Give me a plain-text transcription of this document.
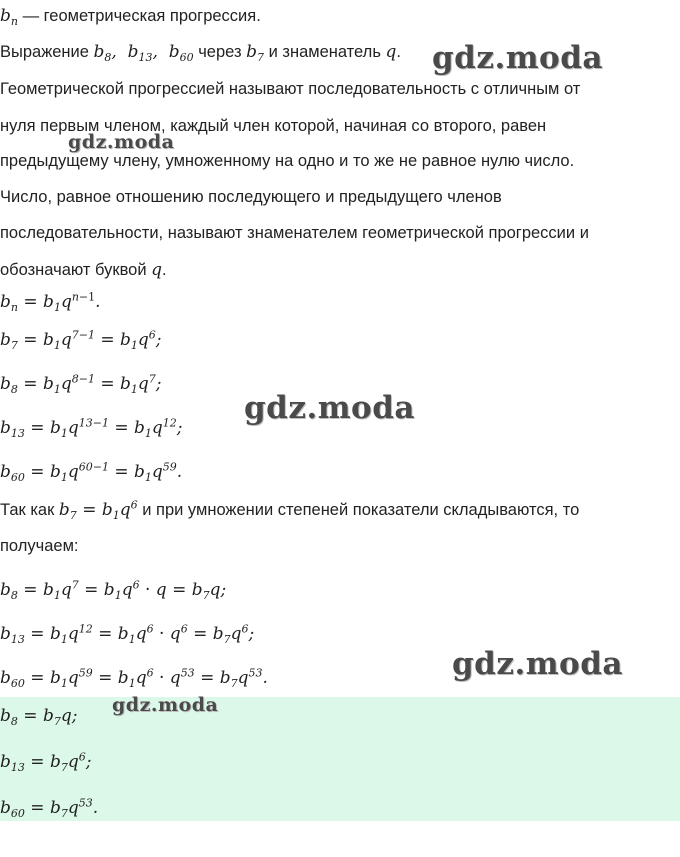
$b_n$ — геометрическая прогрессия.
Выражение $b_8$,  $b_{13}$,  $b_{60}$ через $b_7$ и знаменатель q.
Геометрической прогрессией называют последовательность с отличным от
нуля первым членом, каждый член которой, начиная со второго, равен
предыдущему члену, умноженному на одно и то же не равное нулю число.
Число, равное отношению последующего и предыдущего членов
последовательности, называют знаменателем геометрической прогрессии и
обозначают буквой q.
$b_n = b_1q^{n-1}$.
$b_7 = b_1q^{7-1} = b_1q^6$;
$b_8 = b_1q^{8-1} = b_1q^7$;
$b_{13} = b_1q^{13-1} = b_1q^{12}$;
$b_{60} = b_1q^{60-1} = b_1q^{59}$.
Так как $b_7 = b_1q^6$ и при умножении степеней показатели складываются, то
получаем:
$b_8 = b_1q^7 = b_1q^6 \cdot q = b_7q$;
$b_{13} = b_1q^{12} = b_1q^6 \cdot q^6 = b_7q^6$;
$b_{60} = b_1q^{59} = b_1q^6 \cdot q^{53} = b_7q^{53}$.
$b_8 = b_7q$;
$b_{13} = b_7q^6$;
$b_{60} = b_7q^{53}$.
gdz.moda
gdz.moda
gdz.moda
gdz.moda
gdz.moda
